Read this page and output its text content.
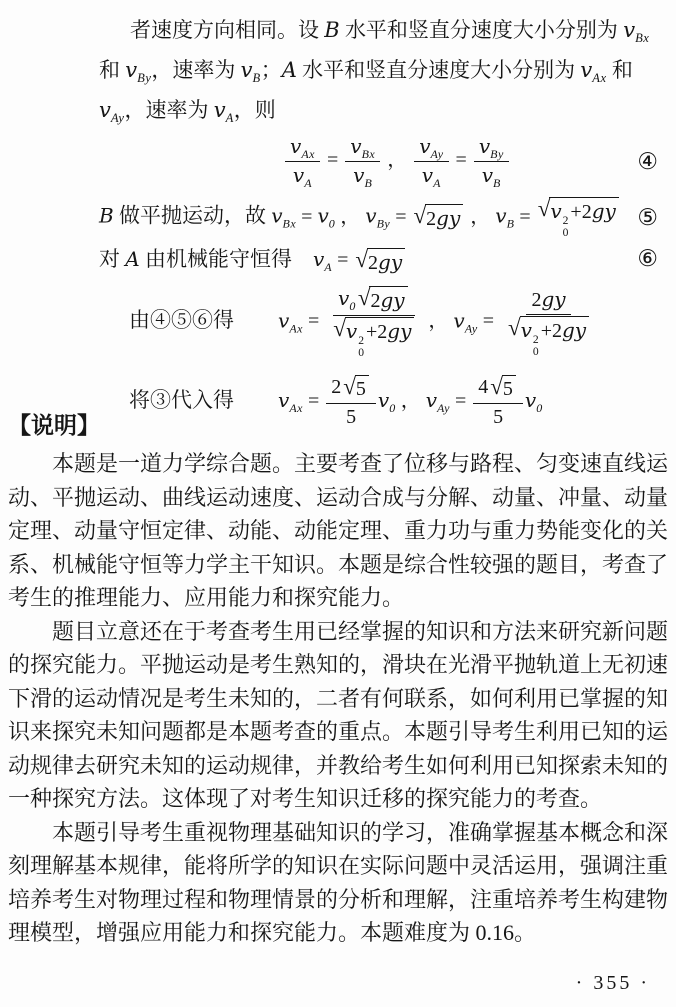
者速度方向相同。设 B 水平和竖直分速度大小分别为 $v_{Bx}$

和 $v_{By}$，速率为 $v_B$；A 水平和竖直分速度大小分别为 $v_{Ax}$ 和

$v_{Ay}$，速率为 $v_A$，则

$\frac{v_{Ax}}{v_A} = \frac{v_{Bx}}{v_B}$ ， $\frac{v_{Ay}}{v_A} = \frac{v_{By}}{v_B}$	④
B 做平抛运动，故 $v_{Bx} = v_0$ ， $v_{By}$ = √ 2gy ， $v_B$ = √ v 2
0
+2gy ⑤
对 A 由机械能守恒得　$v_A$ = √ 2gy	⑥
由④⑤⑥得 $v_{Ax} = v_0$ √ 2gy
√ v 2
0
+2gy ， $v_{Ay} = 2gy$
√ v 2
0
+2gy
将③代入得 $v_{Ax} = \frac{2 √ 5}{5} v_0$ ， $v_{Ay} = \frac{4 √ 5}{5} v_0$
【说明】

本题是一道力学综合题。主要考查了位移与路程、匀变速直线运动、平抛运动、曲线运动速度、运动合成与分解、动量、冲量、动量定理、动量守恒定律、动能、动能定理、重力功与重力势能变化的关系、机械能守恒等力学主干知识。本题是综合性较强的题目，考查了考生的推理能力、应用能力和探究能力。

题目立意还在于考查考生用已经掌握的知识和方法来研究新问题的探究能力。平抛运动是考生熟知的，滑块在光滑平抛轨道上无初速下滑的运动情况是考生未知的，二者有何联系，如何利用已掌握的知识来探究未知问题都是本题考查的重点。本题引导考生利用已知的运动规律去研究未知的运动规律，并教给考生如何利用已知探索未知的一种探究方法。这体现了对考生知识迁移的探究能力的考查。

本题引导考生重视物理基础知识的学习，准确掌握基本概念和深刻理解基本规律，能将所学的知识在实际问题中灵活运用，强调注重培养考生对物理过程和物理情景的分析和理解，注重培养考生构建物理模型，增强应用能力和探究能力。本题难度为 0.16。

· 355 ·
